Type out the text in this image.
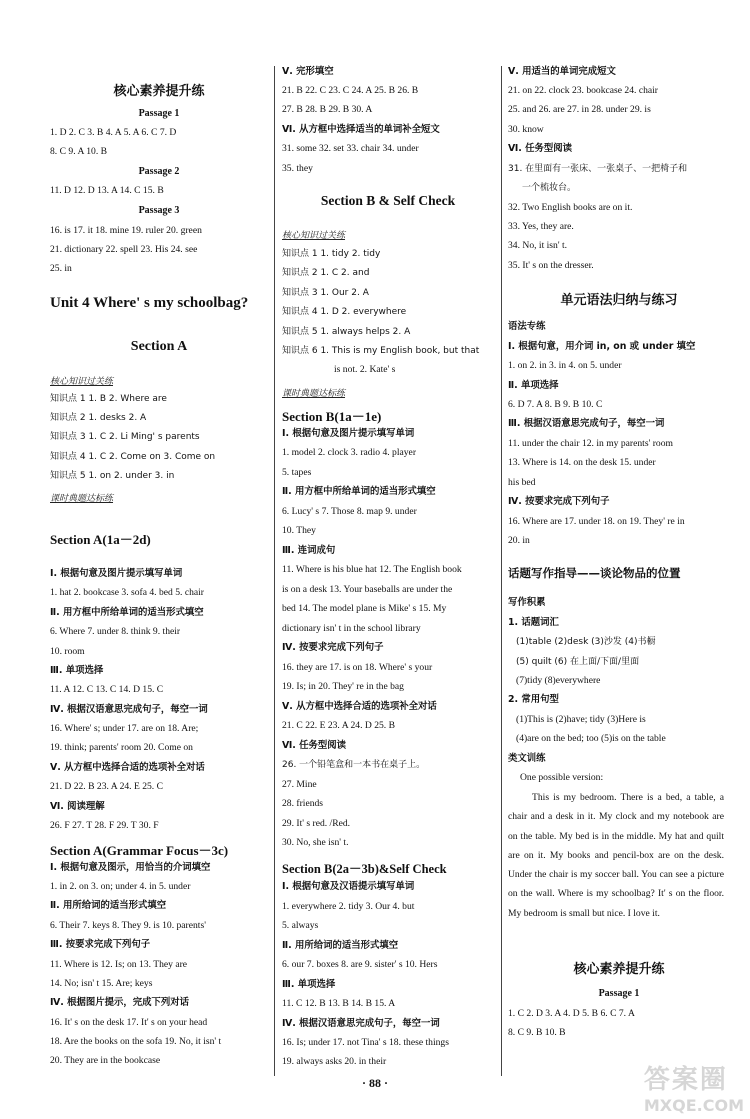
核心素养提升练
Passage 1
1. D 2. C 3. B 4. A 5. A 6. C 7. D
8. C 9. A 10. B
Passage 2
11. D 12. D 13. A 14. C 15. B
Passage 3
16. is 17. it 18. mine 19. ruler 20. green
21. dictionary 22. spell 23. His 24. see
25. in
Unit 4 Where' s my schoolbag?
Section A
核心知识过关练
知识点 1 1. B 2. Where are
知识点 2 1. desks 2. A
知识点 3 1. C 2. Li Ming' s parents
知识点 4 1. C 2. Come on 3. Come on
知识点 5 1. on 2. under 3. in
课时典题达标练
Section A(1a－2d)
Ⅰ. 根据句意及图片提示填写单词
1. hat 2. bookcase 3. sofa 4. bed 5. chair
Ⅱ. 用方框中所给单词的适当形式填空
6. Where 7. under 8. think 9. their
10. room
Ⅲ. 单项选择
11. A 12. C 13. C 14. D 15. C
Ⅳ. 根据汉语意思完成句子，每空一词
16. Where' s; under 17. are on 18. Are;
19. think; parents' room 20. Come on
Ⅴ. 从方框中选择合适的选项补全对话
21. D 22. B 23. A 24. E 25. C
Ⅵ. 阅读理解
26. F 27. T 28. F 29. T 30. F
Section A(Grammar Focus－3c)
Ⅰ. 根据句意及图示，用恰当的介词填空
1. in 2. on 3. on; under 4. in 5. under
Ⅱ. 用所给词的适当形式填空
6. Their 7. keys 8. They 9. is 10. parents'
Ⅲ. 按要求完成下列句子
11. Where is 12. Is; on 13. They are
14. No; isn' t 15. Are; keys
Ⅳ. 根据图片提示，完成下列对话
16. It' s on the desk 17. It' s on your head
18. Are the books on the sofa 19. No, it isn' t
20. They are in the bookcase
Ⅴ. 完形填空
21. B 22. C 23. C 24. A 25. B 26. B
27. B 28. B 29. B 30. A
Ⅵ. 从方框中选择适当的单词补全短文
31. some 32. set 33. chair 34. under
35. they
Section B & Self Check
核心知识过关练
知识点 1 1. tidy 2. tidy
知识点 2 1. C 2. and
知识点 3 1. Our 2. A
知识点 4 1. D 2. everywhere
知识点 5 1. always helps 2. A
知识点 6 1. This is my English book, but that
is not. 2. Kate' s
课时典题达标练
Section B(1a－1e)
Ⅰ. 根据句意及图片提示填写单词
1. model 2. clock 3. radio 4. player
5. tapes
Ⅱ. 用方框中所给单词的适当形式填空
6. Lucy' s 7. Those 8. map 9. under
10. They
Ⅲ. 连词成句
11. Where is his blue hat 12. The English book
is on a desk 13. Your baseballs are under the
bed 14. The model plane is Mike' s 15. My
dictionary isn' t in the school library
Ⅳ. 按要求完成下列句子
16. they are 17. is on 18. Where' s your
19. Is; in 20. They' re in the bag
Ⅴ. 从方框中选择合适的选项补全对话
21. C 22. E 23. A 24. D 25. B
Ⅵ. 任务型阅读
26. 一个铅笔盒和一本书在桌子上。
27. Mine
28. friends
29. It' s red. /Red.
30. No, she isn' t.
Section B(2a－3b)&Self Check
Ⅰ. 根据句意及汉语提示填写单词
1. everywhere 2. tidy 3. Our 4. but
5. always
Ⅱ. 用所给词的适当形式填空
6. our 7. boxes 8. are 9. sister' s 10. Hers
Ⅲ. 单项选择
11. C 12. B 13. B 14. B 15. A
Ⅳ. 根据汉语意思完成句子，每空一词
16. Is; under 17. not Tina' s 18. these things
19. always asks 20. in their
Ⅴ. 用适当的单词完成短文
21. on 22. clock 23. bookcase 24. chair
25. and 26. are 27. in 28. under 29. is
30. know
Ⅵ. 任务型阅读
31. 在里面有一张床、一张桌子、一把椅子和
一个梳妆台。
32. Two English books are on it.
33. Yes, they are.
34. No, it isn' t.
35. It' s on the dresser.
单元语法归纳与练习
语法专练
Ⅰ. 根据句意，用介词 in, on 或 under 填空
1. on 2. in 3. in 4. on 5. under
Ⅱ. 单项选择
6. D 7. A 8. B 9. B 10. C
Ⅲ. 根据汉语意思完成句子，每空一词
11. under the chair 12. in my parents' room
13. Where is 14. on the desk 15. under
his bed
Ⅳ. 按要求完成下列句子
16. Where are 17. under 18. on 19. They' re in
20. in
话题写作指导——谈论物品的位置
写作积累
1. 话题词汇
(1)table (2)desk (3)沙发 (4)书橱
(5) quilt (6) 在上面/下面/里面
(7)tidy (8)everywhere
2. 常用句型
(1)This is (2)have; tidy (3)Here is
(4)are on the bed; too (5)is on the table
类文训练
One possible version:
This is my bedroom. There is a bed, a table, a chair and a desk in it. My clock and my notebook are on the table. My bed is in the middle. My hat and quilt are on it. My books and pencil-box are on the desk. Under the chair is my soccer ball. You can see a picture on the wall. Where is my schoolbag? It' s on the floor. My bedroom is small but nice. I love it.
核心素养提升练
Passage 1
1. C 2. D 3. A 4. D 5. B 6. C 7. A
8. C 9. B 10. B
· 88 ·	答案圈
MXQE.COM
